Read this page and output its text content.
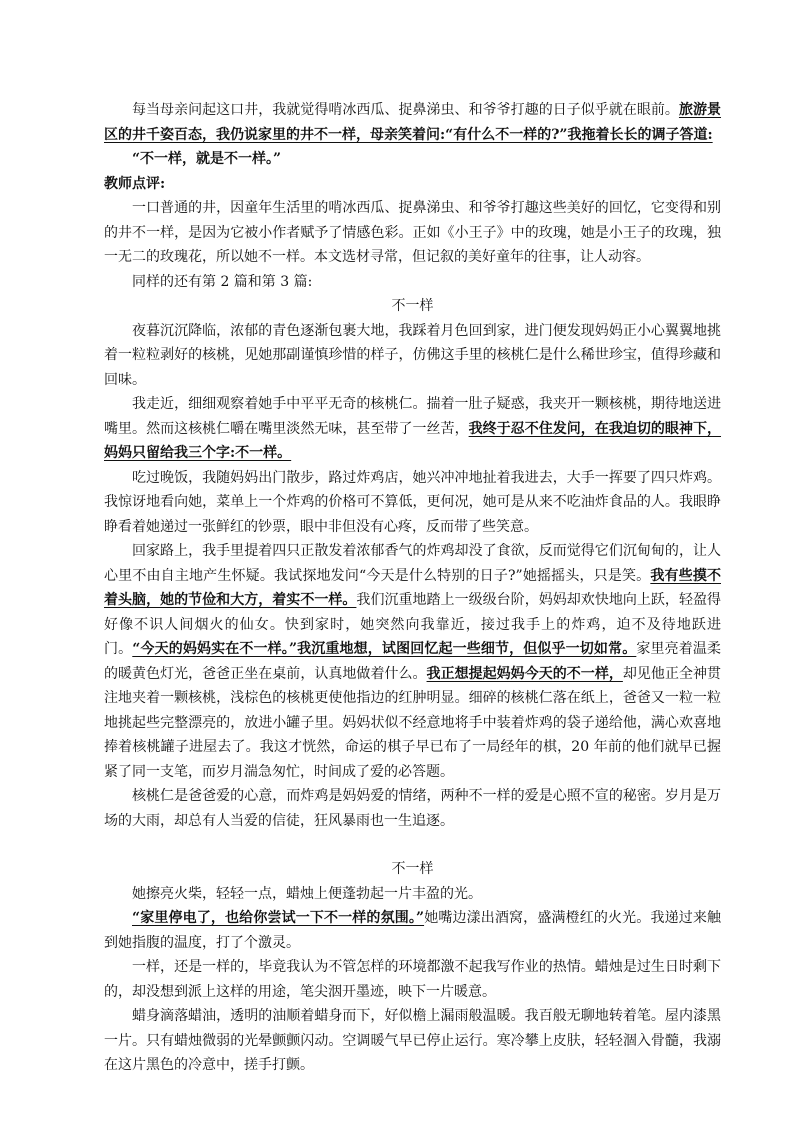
每当母亲问起这口井，我就觉得啃冰西瓜、捉鼻涕虫、和爷爷打趣的日子似乎就在眼前。旅游景区的井千姿百态，我仍说家里的井不一样，母亲笑着问:“有什么不一样的?”我拖着长长的调子答道:

“不一样，就是不一样。”

教师点评:

一口普通的井，因童年生活里的啃冰西瓜、捉鼻涕虫、和爷爷打趣这些美好的回忆，它变得和别的井不一样，是因为它被小作者赋予了情感色彩。正如《小王子》中的玫瑰，她是小王子的玫瑰，独一无二的玫瑰花，所以她不一样。本文选材寻常，但记叙的美好童年的往事，让人动容。

同样的还有第 2 篇和第 3 篇:

不一样

夜暮沉沉降临，浓郁的青色逐渐包裹大地，我踩着月色回到家，进门便发现妈妈正小心翼翼地挑着一粒粒剥好的核桃，见她那副谨慎珍惜的样子，仿佛这手里的核桃仁是什么稀世珍宝，值得珍藏和回味。

我走近，细细观察着她手中平平无奇的核桃仁。揣着一肚子疑惑，我夹开一颗核桃，期待地送进嘴里。然而这核桃仁嚼在嘴里淡然无味，甚至带了一丝苦，我终于忍不住发问，在我迫切的眼神下，妈妈只留给我三个字:不一样。

吃过晚饭，我随妈妈出门散步，路过炸鸡店，她兴冲冲地扯着我进去，大手一挥要了四只炸鸡。我惊讶地看向她，菜单上一个炸鸡的价格可不算低，更何况，她可是从来不吃油炸食品的人。我眼睁睁看着她递过一张鲜红的钞票，眼中非但没有心疼，反而带了些笑意。

回家路上，我手里提着四只正散发着浓郁香气的炸鸡却没了食欲，反而觉得它们沉甸甸的，让人心里不由自主地产生怀疑。我试探地发问“今天是什么特别的日子?”她摇摇头，只是笑。我有些摸不着头脑，她的节俭和大方，着实不一样。我们沉重地踏上一级级台阶，妈妈却欢快地向上跃，轻盈得好像不识人间烟火的仙女。快到家时，她突然向我靠近，接过我手上的炸鸡，迫不及待地跃进门。“今天的妈妈实在不一样。”我沉重地想，试图回忆起一些细节，但似乎一切如常。家里亮着温柔的暖黄色灯光，爸爸正坐在桌前，认真地做着什么。我正想提起妈妈今天的不一样，却见他正全神贯注地夹着一颗核桃，浅棕色的核桃更使他指边的红肿明显。细碎的核桃仁落在纸上，爸爸又一粒一粒地挑起些完整漂亮的，放进小罐子里。妈妈状似不经意地将手中装着炸鸡的袋子递给他，满心欢喜地捧着核桃罐子进屋去了。我这才恍然，命运的棋子早已布了一局经年的棋，20 年前的他们就早已握紧了同一支笔，而岁月湍急匆忙，时间成了爱的必答题。

核桃仁是爸爸爱的心意，而炸鸡是妈妈爱的情绪，两种不一样的爱是心照不宣的秘密。岁月是万场的大雨，却总有人当爱的信徒，狂风暴雨也一生追逐。

不一样

她擦亮火柴，轻轻一点，蜡烛上便蓬勃起一片丰盈的光。

“家里停电了，也给你尝试一下不一样的氛围。”她嘴边漾出酒窝，盛满橙红的火光。我递过来触到她指腹的温度，打了个激灵。

一样，还是一样的，毕竟我认为不管怎样的环境都激不起我写作业的热情。蜡烛是过生日时剩下的，却没想到派上这样的用途，笔尖洇开墨迹，映下一片暖意。

蜡身滴落蜡油，透明的油顺着蜡身而下，好似檐上漏雨般温暖。我百般无聊地转着笔。屋内漆黑一片。只有蜡烛微弱的光晕颤颤闪动。空调暖气早已停止运行。寒冷攀上皮肤，轻轻涸入骨髓，我溺在这片黑色的冷意中，搓手打颤。
